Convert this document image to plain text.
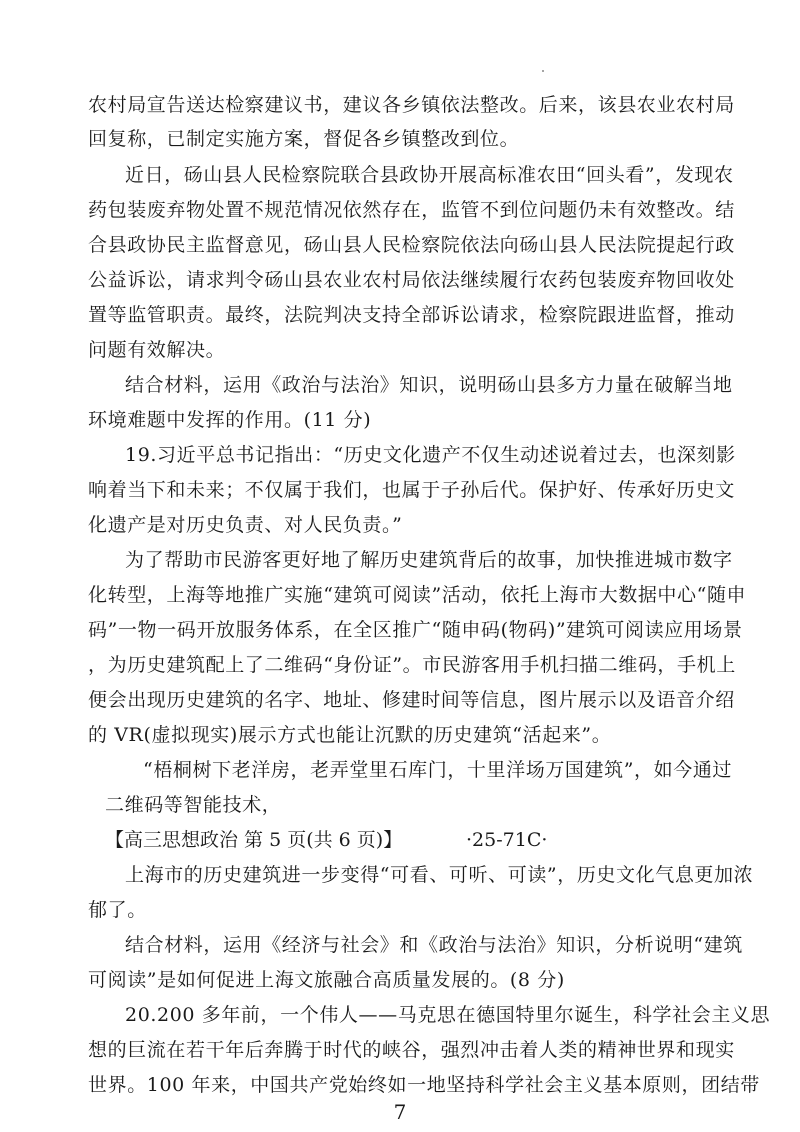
农村局宣告送达检察建议书，建议各乡镇依法整改。后来，该县农业农村局
回复称，已制定实施方案，督促各乡镇整改到位。
近日，砀山县人民检察院联合县政协开展高标准农田“回头看”，发现农
药包装废弃物处置不规范情况依然存在，监管不到位问题仍未有效整改。结
合县政协民主监督意见，砀山县人民检察院依法向砀山县人民法院提起行政
公益诉讼，请求判令砀山县农业农村局依法继续履行农药包装废弃物回收处
置等监管职责。最终，法院判决支持全部诉讼请求，检察院跟进监督，推动
问题有效解决。
结合材料，运用《政治与法治》知识，说明砀山县多方力量在破解当地
环境难题中发挥的作用。(11 分)
19.习近平总书记指出：“历史文化遗产不仅生动述说着过去，也深刻影
响着当下和未来；不仅属于我们，也属于子孙后代。保护好、传承好历史文
化遗产是对历史负责、对人民负责。”
为了帮助市民游客更好地了解历史建筑背后的故事，加快推进城市数字
化转型，上海等地推广实施“建筑可阅读”活动，依托上海市大数据中心“随申
码”一物一码开放服务体系，在全区推广“随申码(物码)”建筑可阅读应用场景
，为历史建筑配上了二维码“身份证”。市民游客用手机扫描二维码，手机上
便会出现历史建筑的名字、地址、修建时间等信息，图片展示以及语音介绍
的 VR(虚拟现实)展示方式也能让沉默的历史建筑“活起来”。
“梧桐树下老洋房，老弄堂里石库门，十里洋场万国建筑”，如今通过
二维码等智能技术，
【高三思想政治 第 5 页(共 6 页)】	·25-71C·
上海市的历史建筑进一步变得“可看、可听、可读”，历史文化气息更加浓
郁了。
结合材料，运用《经济与社会》和《政治与法治》知识，分析说明“建筑
可阅读”是如何促进上海文旅融合高质量发展的。(8 分)
20.200 多年前，一个伟人——马克思在德国特里尔诞生，科学社会主义思
想的巨流在若干年后奔腾于时代的峡谷，强烈冲击着人类的精神世界和现实
世界。100 年来，中国共产党始终如一地坚持科学社会主义基本原则，团结带
7
